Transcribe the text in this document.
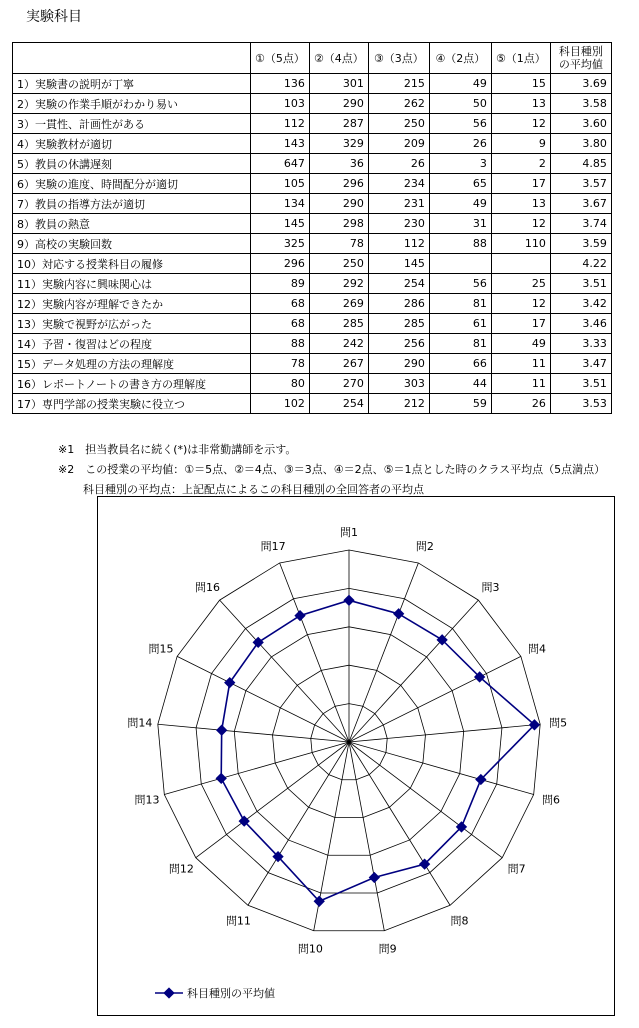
実験科目
	①（5点）	②（4点）	③（3点）	④（2点）	⑤（1点）	科目種別の平均値
1）実験書の説明が丁寧	136	301	215	49	15	3.69
2）実験の作業手順がわかり易い	103	290	262	50	13	3.58
3）一貫性、計画性がある	112	287	250	56	12	3.60
4）実験教材が適切	143	329	209	26	9	3.80
5）教員の休講遅刻	647	36	26	3	2	4.85
6）実験の進度、時間配分が適切	105	296	234	65	17	3.57
7）教員の指導方法が適切	134	290	231	49	13	3.67
8）教員の熱意	145	298	230	31	12	3.74
9）高校の実験回数	325	78	112	88	110	3.59
10）対応する授業科目の履修	296	250	145			4.22
11）実験内容に興味関心は	89	292	254	56	25	3.51
12）実験内容が理解できたか	68	269	286	81	12	3.42
13）実験で視野が広がった	68	285	285	61	17	3.46
14）予習・復習はどの程度	88	242	256	81	49	3.33
15）データ処理の方法の理解度	78	267	290	66	11	3.47
16）レポートノートの書き方の理解度	80	270	303	44	11	3.51
17）専門学部の授業実験に役立つ	102	254	212	59	26	3.53
※1　担当教員名に続く(*)は非常勤講師を示す。
※2　この授業の平均値：①＝5点、②＝4点、③＝3点、④＝2点、⑤＝1点とした時のクラス平均点（5点満点）
科目種別の平均点：上記配点によるこの科目種別の全回答者の平均点
問1
問2
問3
問4
問5
問6
問7
問8
問9
問10
問11
問12
問13
問14
問15
問16
問17
科目種別の平均値
